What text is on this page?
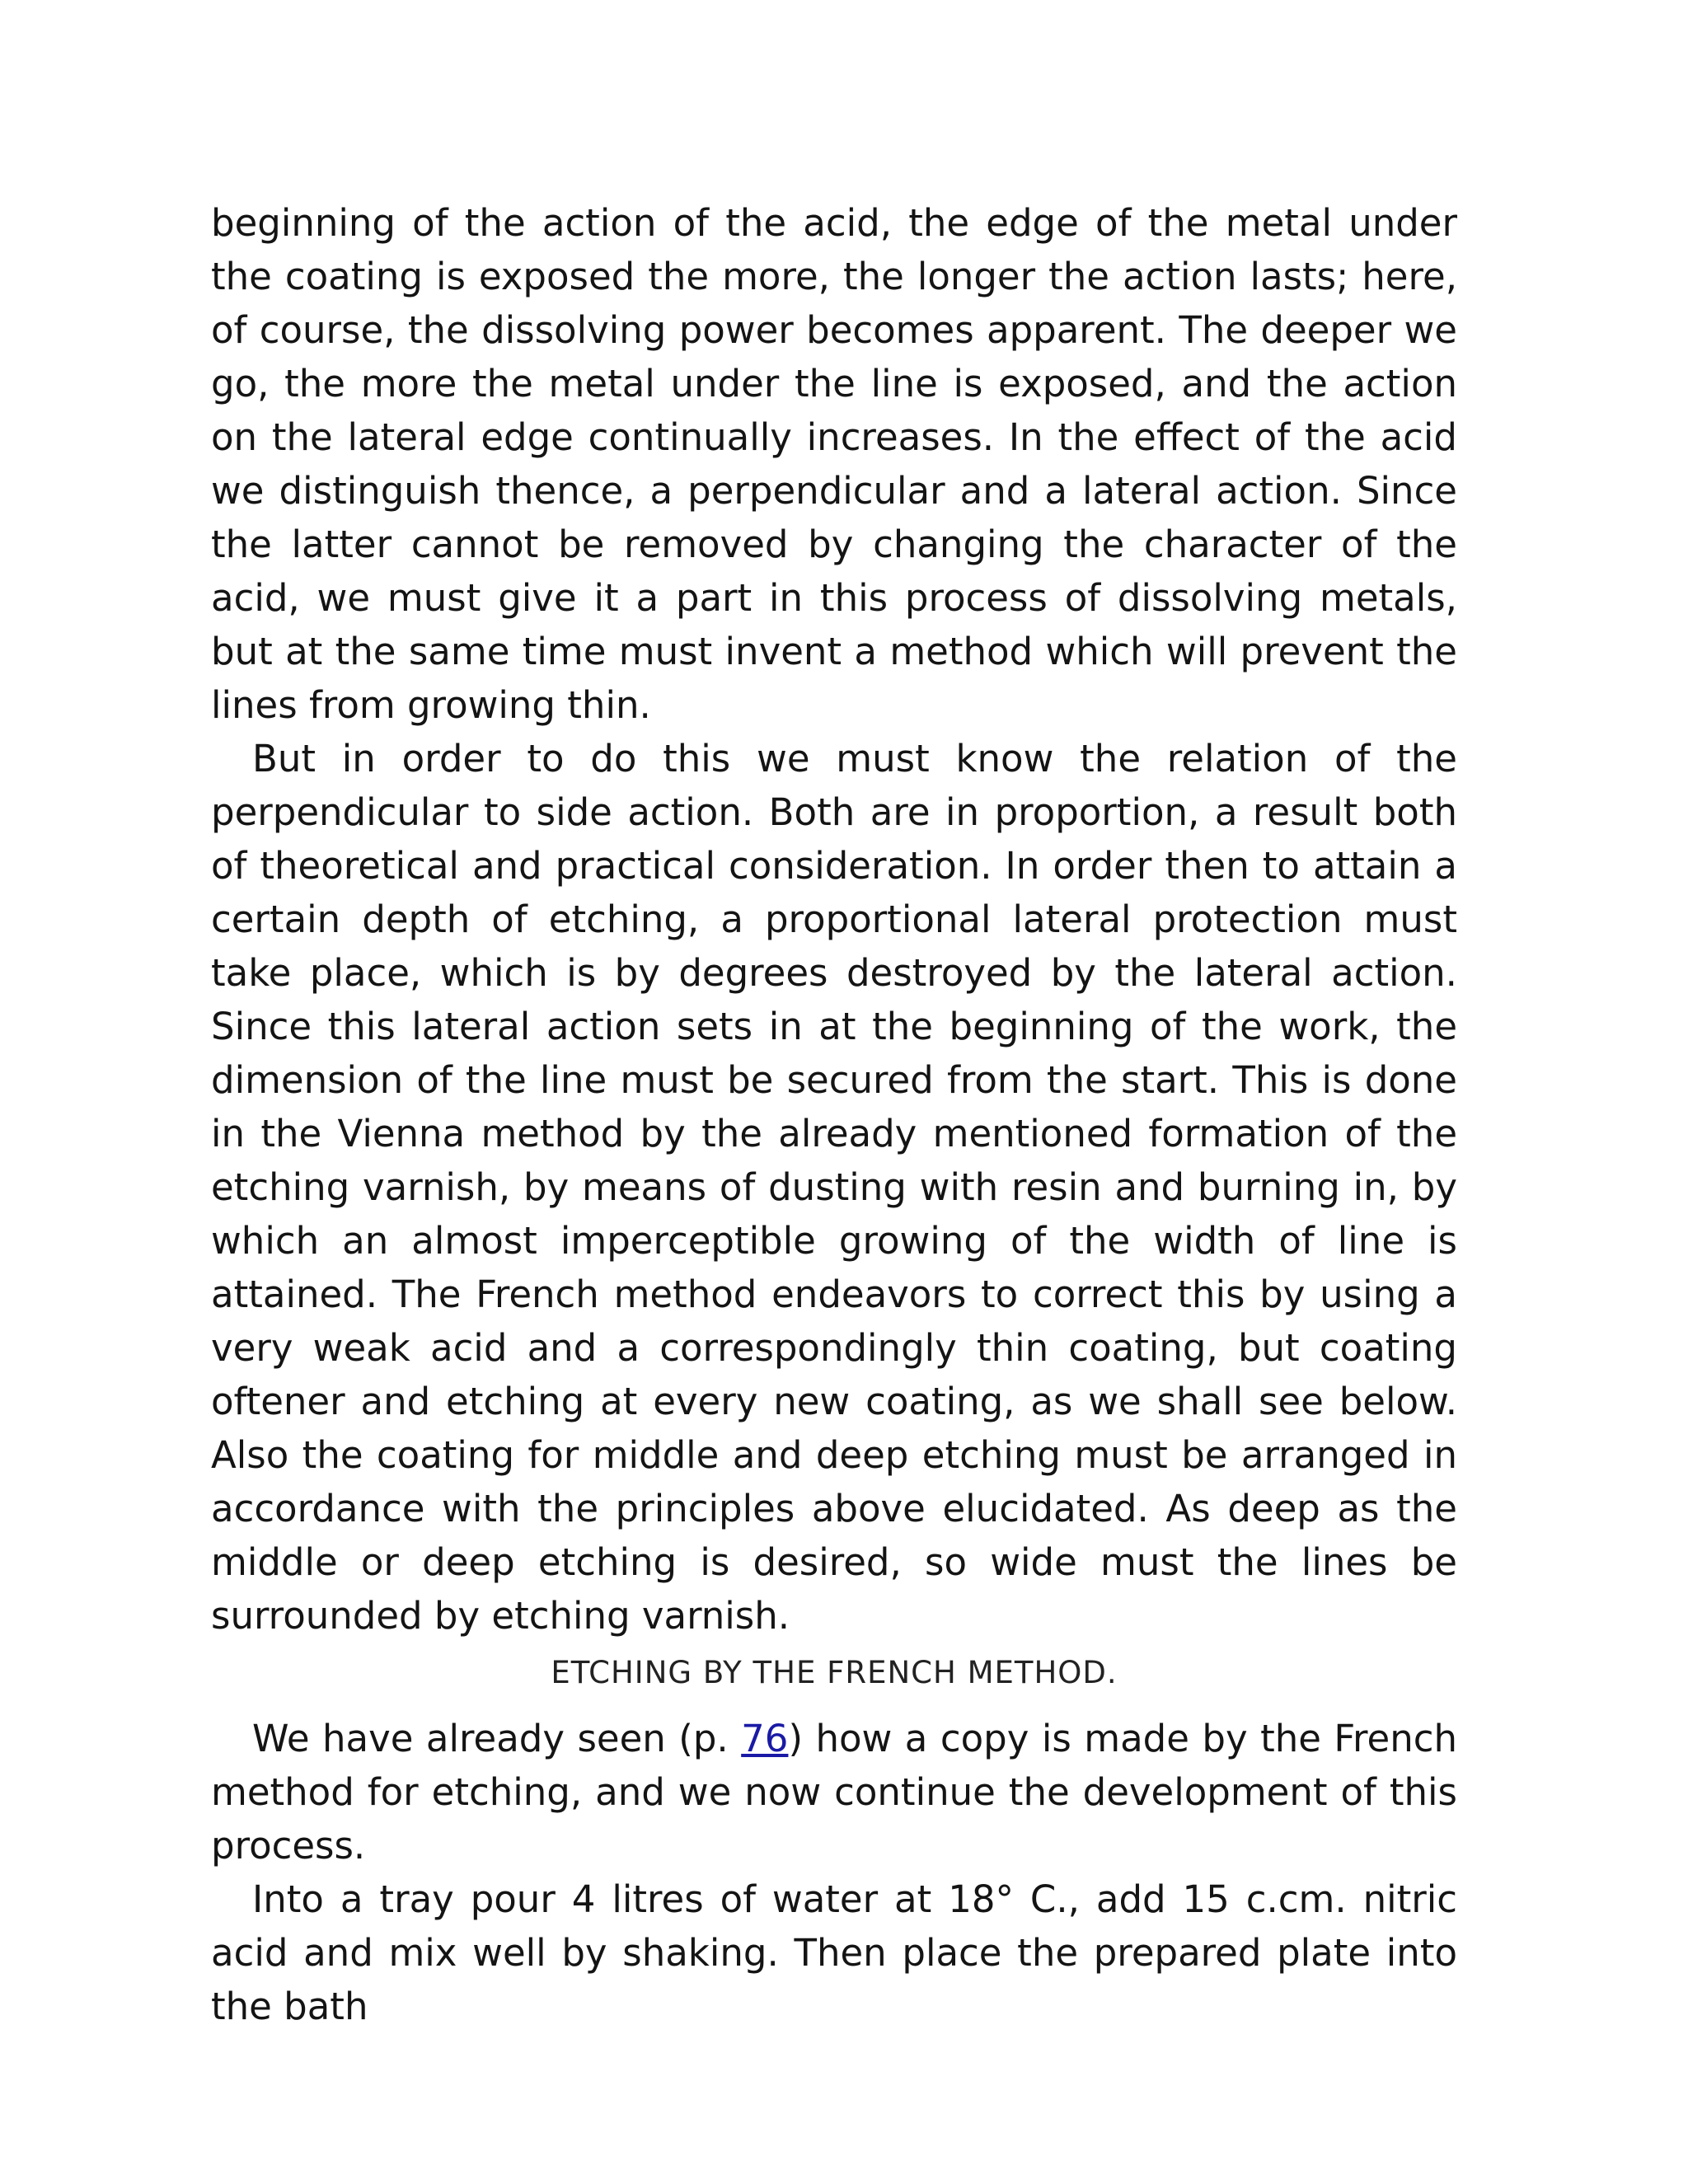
beginning of the action of the acid, the edge of the metal under the coating is exposed the more, the longer the action lasts; here, of course, the dissolving power becomes apparent. The deeper we go, the more the metal under the line is exposed, and the action on the lateral edge continually increases. In the effect of the acid we distinguish thence, a perpendicular and a lateral action. Since the latter cannot be removed by changing the character of the acid, we must give it a part in this process of dissolving metals, but at the same time must invent a method which will prevent the lines from growing thin.

But in order to do this we must know the relation of the perpendicular to side action. Both are in proportion, a result both of theoretical and practical consideration. In order then to attain a certain depth of etching, a proportional lateral protection must take place, which is by degrees destroyed by the lateral action. Since this lateral action sets in at the beginning of the work, the dimension of the line must be secured from the start. This is done in the Vienna method by the already mentioned formation of the etching varnish, by means of dusting with resin and burning in, by which an almost imperceptible growing of the width of line is attained. The French method endeavors to correct this by using a very weak acid and a correspondingly thin coating, but coating oftener and etching at every new coating, as we shall see below. Also the coating for middle and deep etching must be arranged in accordance with the principles above elucidated. As deep as the middle or deep etching is desired, so wide must the lines be surrounded by etching varnish.

ETCHING BY THE FRENCH METHOD.

We have already seen (p. 76) how a copy is made by the French method for etching, and we now continue the development of this process.

Into a tray pour 4 litres of water at 18° C., add 15 c.cm. nitric acid and mix well by shaking. Then place the prepared plate into the bath
